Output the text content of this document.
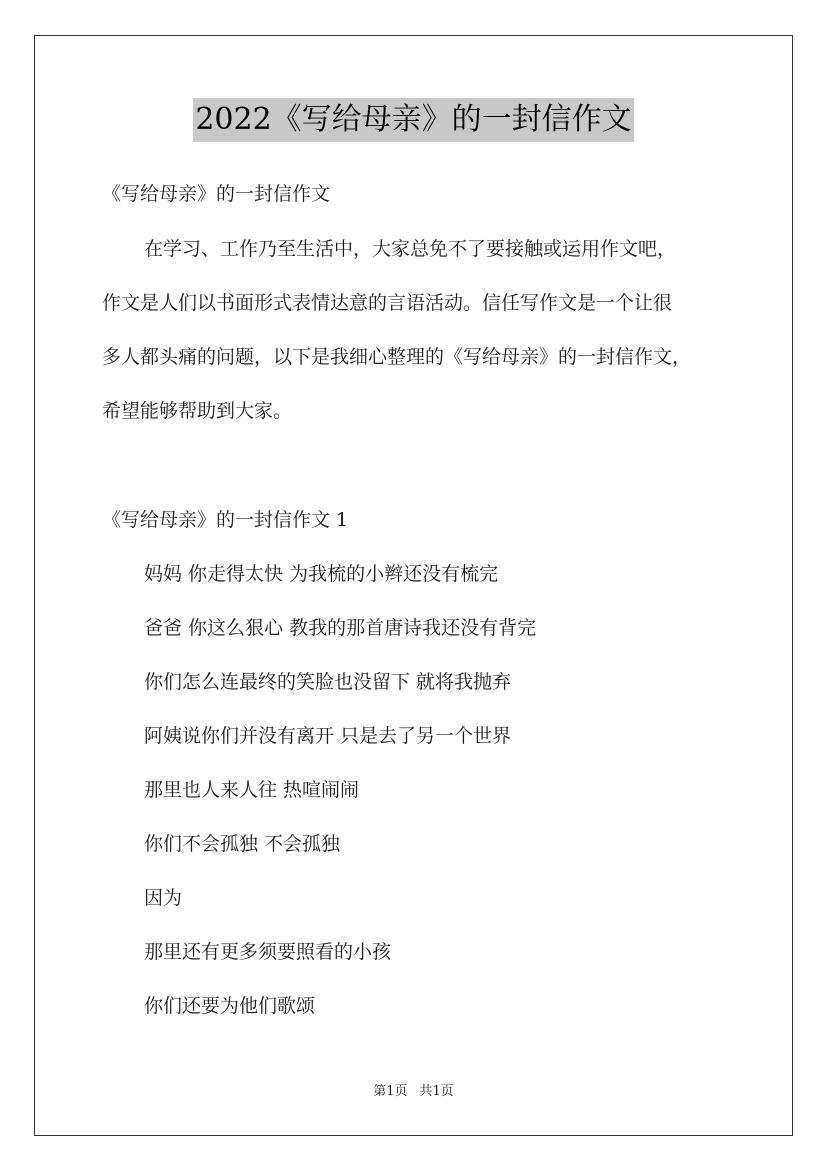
2022《写给母亲》的一封信作文
《写给母亲》的一封信作文
在学习、工作乃至生活中，大家总免不了要接触或运用作文吧，
作文是人们以书面形式表情达意的言语活动。信任写作文是一个让很
多人都头痛的问题，以下是我细心整理的《写给母亲》的一封信作文，
希望能够帮助到大家。
《写给母亲》的一封信作文 1
妈妈 你走得太快 为我梳的小辫还没有梳完
爸爸 你这么狠心 教我的那首唐诗我还没有背完
你们怎么连最终的笑脸也没留下 就将我抛弃
阿姨说你们并没有离开 只是去了另一个世界
那里也人来人往 热喧闹闹
你们不会孤独 不会孤独
因为
那里还有更多须要照看的小孩
你们还要为他们歌颂
第1页 共1页
